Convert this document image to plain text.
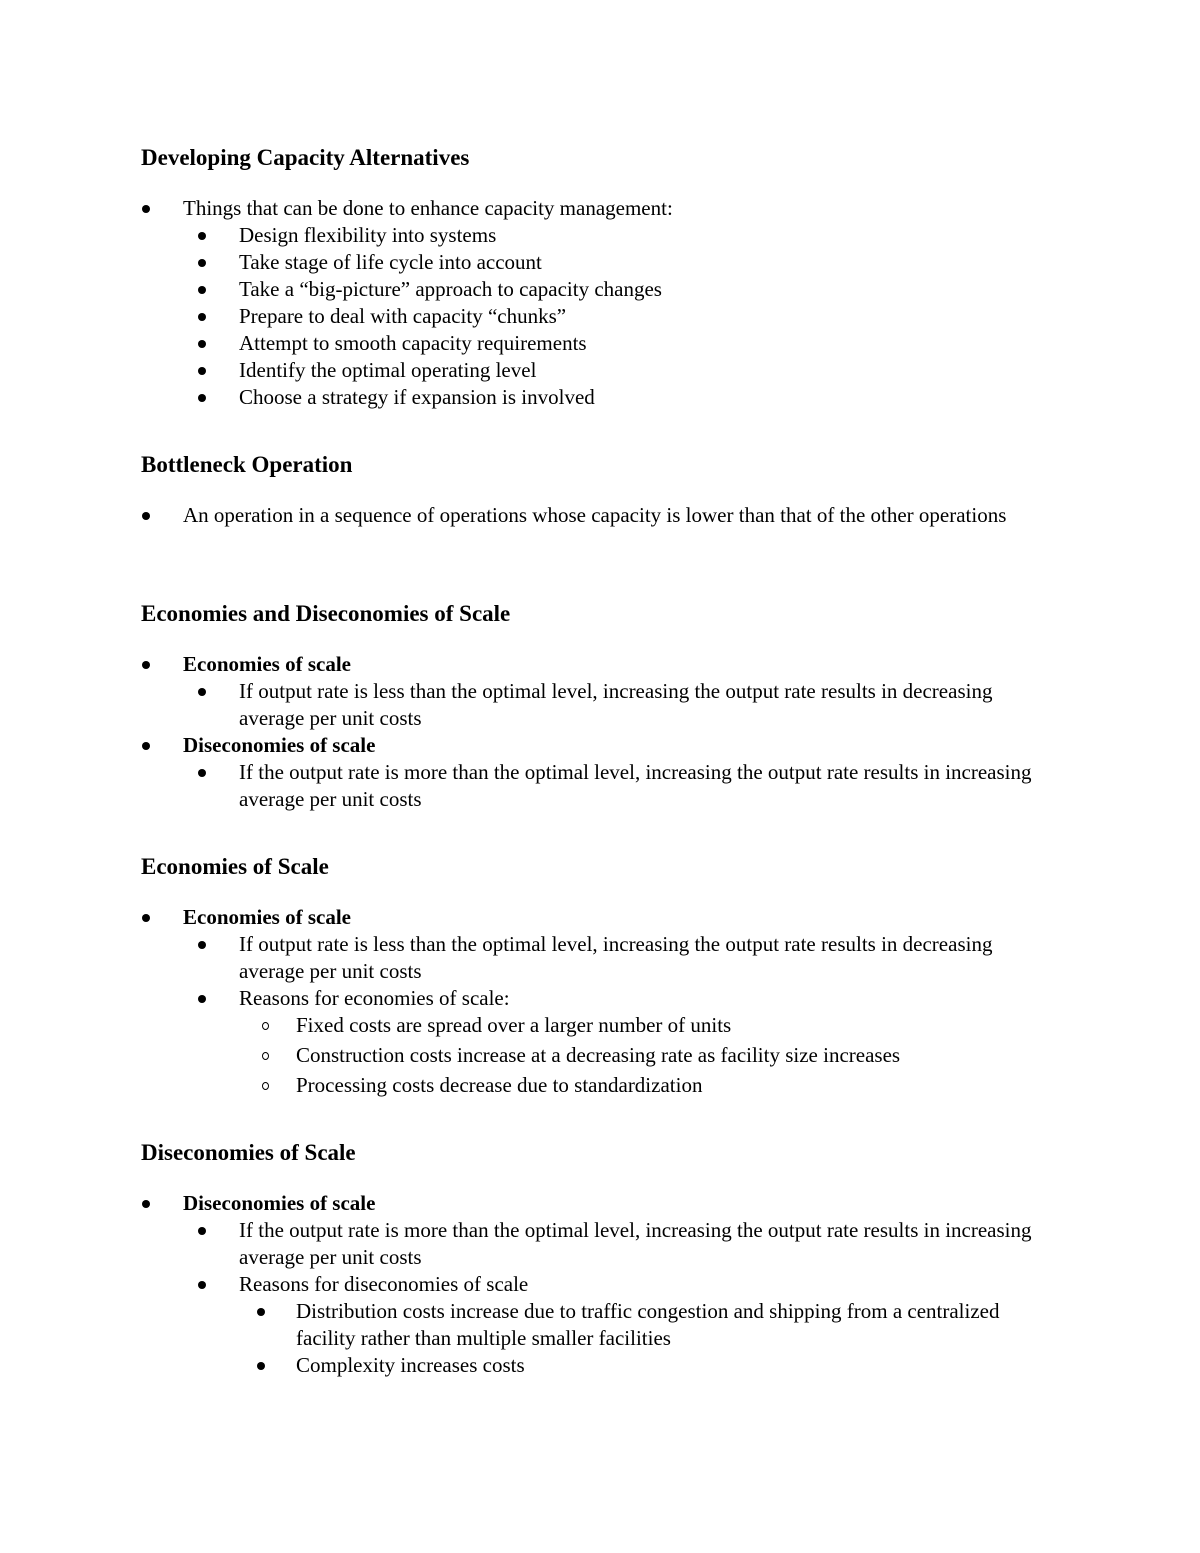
Developing Capacity Alternatives
Things that can be done to enhance capacity management:
Design flexibility into systems
Take stage of life cycle into account
Take a “big-picture” approach to capacity changes
Prepare to deal with capacity “chunks”
Attempt to smooth capacity requirements
Identify the optimal operating level
Choose a strategy if expansion is involved
Bottleneck Operation
An operation in a sequence of operations whose capacity is lower than that of the other operations
Economies and Diseconomies of Scale
Economies of scale
If output rate is less than the optimal level, increasing the output rate results in decreasing average per unit costs
Diseconomies of scale
If the output rate is more than the optimal level, increasing the output rate results in increasing average per unit costs
Economies of Scale
Economies of scale
If output rate is less than the optimal level, increasing the output rate results in decreasing average per unit costs
Reasons for economies of scale:
Fixed costs are spread over a larger number of units
Construction costs increase at a decreasing rate as facility size increases
Processing costs decrease due to standardization
Diseconomies of Scale
Diseconomies of scale
If the output rate is more than the optimal level, increasing the output rate results in increasing average per unit costs
Reasons for diseconomies of scale
Distribution costs increase due to traffic congestion and shipping from a centralized facility rather than multiple smaller facilities
Complexity increases costs
